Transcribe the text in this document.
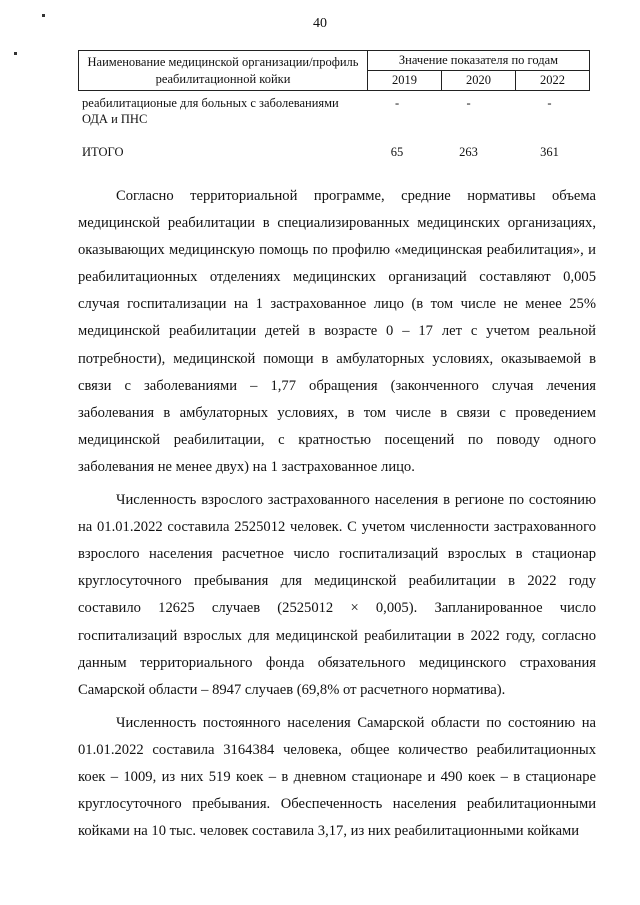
40
Наименование медицинской организации/профиль реабилитационной койки	Значение показателя по годам		
	2019	2020	2022
реабилитационые для больных с заболеваниями ОДА и ПНС	-	-	-
ИТОГО	65	263	361

Согласно территориальной программе, средние нормативы объема медицинской реабилитации в специализированных медицинских организациях, оказывающих медицинскую помощь по профилю «медицинская реабилитация», и реабилитационных отделениях медицинских организаций составляют 0,005 случая госпитализации на 1 застрахованное лицо (в том числе не менее 25% медицинской реабилитации детей в возрасте 0 – 17 лет с учетом реальной потребности), медицинской помощи в амбулаторных условиях, оказываемой в связи с заболеваниями – 1,77 обращения (законченного случая лечения заболевания в амбулаторных условиях, в том числе в связи с проведением медицинской реабилитации, с кратностью посещений по поводу одного заболевания не менее двух) на 1 застрахованное лицо.

Численность взрослого застрахованного населения в регионе по состоянию на 01.01.2022 составила 2525012 человек. С учетом численности застрахованного взрослого населения расчетное число госпитализаций взрослых в стационар круглосуточного пребывания для медицинской реабилитации в 2022 году составило 12625 случаев (2525012 × 0,005). Запланированное число госпитализаций взрослых для медицинской реабилитации в 2022 году, согласно данным территориального фонда обязательного медицинского страхования Самарской области – 8947 случаев (69,8% от расчетного норматива).

Численность постоянного населения Самарской области по состоянию на 01.01.2022 составила 3164384 человека, общее количество реабилитационных коек – 1009, из них 519 коек – в дневном стационаре и 490 коек – в стационаре круглосуточного пребывания. Обеспеченность населения реабилитационными койками на 10 тыс. человек составила 3,17, из них реабилитационными койками
